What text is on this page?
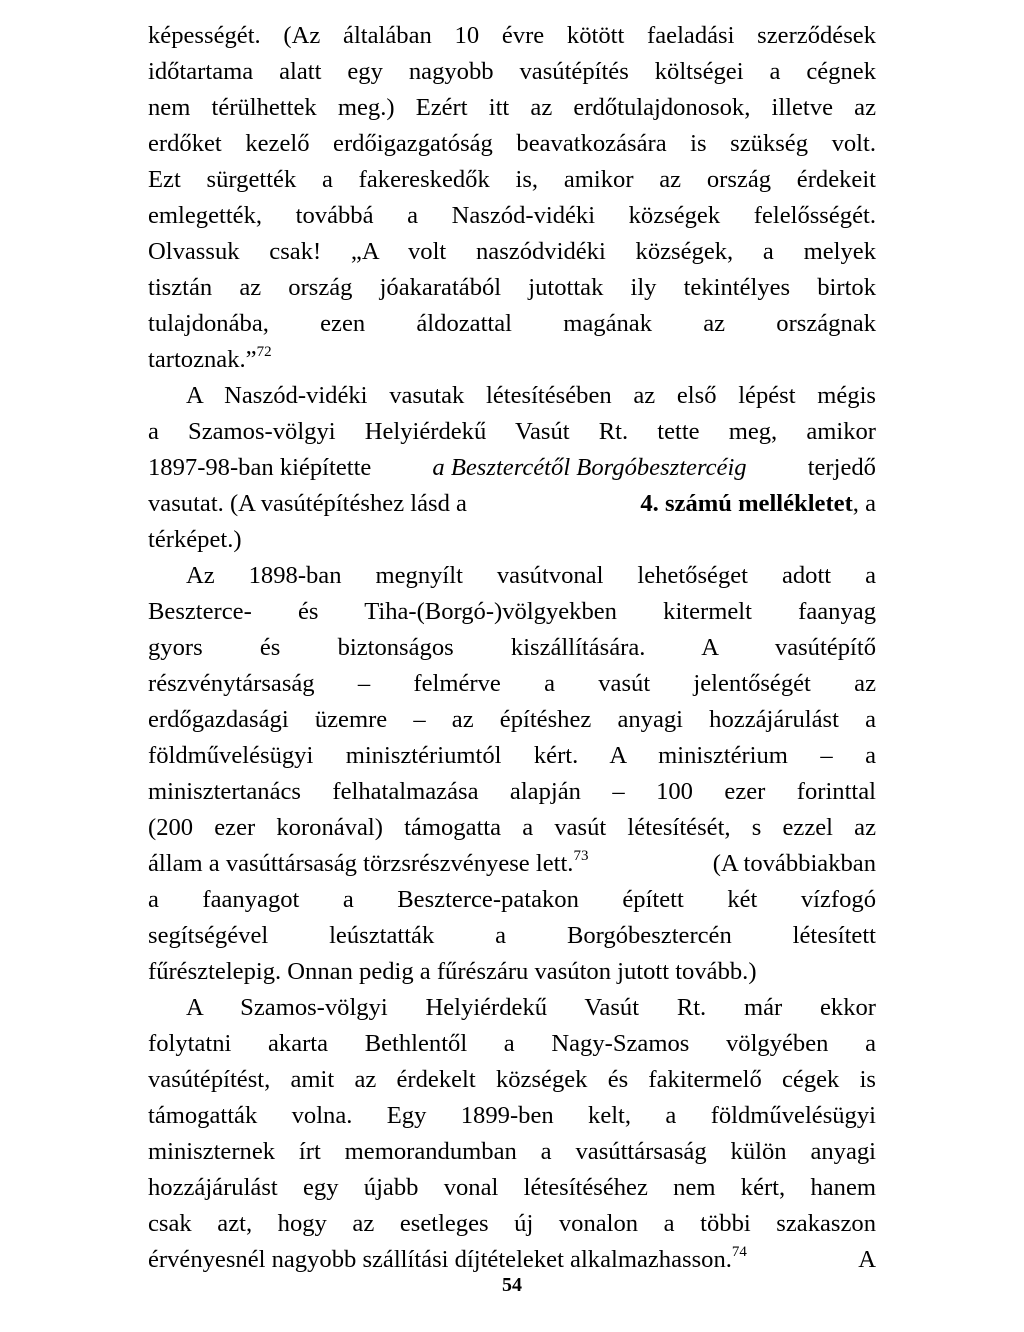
képességét. (Az általában 10 évre kötött faeladási szerződések
időtartama alatt egy nagyobb vasútépítés költségei a cégnek
nem térülhettek meg.) Ezért itt az erdőtulajdonosok, illetve az
erdőket kezelő erdőigazgatóság beavatkozására is szükség volt.
Ezt sürgették a fakereskedők is, amikor az ország érdekeit
emlegették, továbbá a Naszód-vidéki községek felelősségét.
Olvassuk csak! „A volt naszódvidéki községek, a melyek
tisztán az ország jóakaratából jutottak ily tekintélyes birtok
tulajdonába, ezen áldozattal magának az országnak
tartoznak.”$^{72}$
A Naszód-vidéki vasutak létesítésében az első lépést mégis
a Szamos-völgyi Helyiérdekű Vasút Rt. tette meg, amikor
1897-98-ban kiépítette a Besztercétől Borgóbesztercéig terjedő
vasutat. (A vasútépítéshez lásd a	4. számú mellékletet, a
térképet.)
Az 1898-ban megnyílt vasútvonal lehetőséget adott a
Beszterce- és Tiha-(Borgó-)völgyekben kitermelt faanyag
gyors és biztonságos kiszállítására. A vasútépítő
részvénytársaság – felmérve a vasút jelentőségét az
erdőgazdasági üzemre – az építéshez anyagi hozzájárulást a
földművelésügyi minisztériumtól kért. A minisztérium – a
minisztertanács felhatalmazása alapján – 100 ezer forinttal
(200 ezer koronával) támogatta a vasút létesítését, s ezzel az
állam a vasúttársaság törzsrészvényese lett.$^{73}$	(A továbbiakban
a faanyagot a Beszterce-patakon épített két vízfogó
segítségével leúsztatták a Borgóbesztercén létesített
fűrésztelepig. Onnan pedig a fűrészáru vasúton jutott tovább.)
A Szamos-völgyi Helyiérdekű Vasút Rt. már ekkor
folytatni akarta Bethlentől a Nagy-Szamos völgyében a
vasútépítést, amit az érdekelt községek és fakitermelő cégek is
támogatták volna. Egy 1899-ben kelt, a földművelésügyi
miniszternek írt memorandumban a vasúttársaság külön anyagi
hozzájárulást egy újabb vonal létesítéséhez nem kért, hanem
csak azt, hogy az esetleges új vonalon a többi szakaszon
érvényesnél nagyobb szállítási díjtételeket alkalmazhasson.$^{74}$	A
54
